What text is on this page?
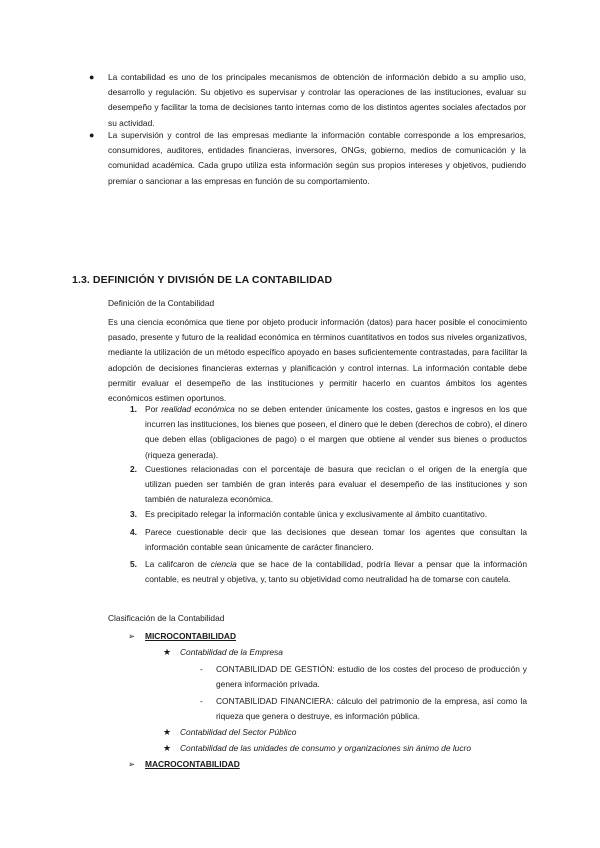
● La contabilidad es uno de los principales mecanismos de obtención de información debido a su amplio uso, desarrollo y regulación. Su objetivo es supervisar y controlar las operaciones de las instituciones, evaluar su desempeño y facilitar la toma de decisiones tanto internas como de los distintos agentes sociales afectados por su actividad.
● La supervisión y control de las empresas mediante la información contable corresponde a los empresarios, consumidores, auditores, entidades financieras, inversores, ONGs, gobierno, medios de comunicación y la comunidad académica. Cada grupo utiliza esta información según sus propios intereses y objetivos, pudiendo premiar o sancionar a las empresas en función de su comportamiento.
1.3. DEFINICIÓN Y DIVISIÓN DE LA CONTABILIDAD
Definición de la Contabilidad
Es una ciencia económica que tiene por objeto producir información (datos) para hacer posible el conocimiento pasado, presente y futuro de la realidad económica en términos cuantitativos en todos sus niveles organizativos, mediante la utilización de un método específico apoyado en bases suficientemente contrastadas, para facilitar la adopción de decisiones financieras externas y planificación y control internas. La información contable debe permitir evaluar el desempeño de las instituciones y permitir hacerlo en cuantos ámbitos los agentes económicos estimen oportunos.
1. Por realidad económica no se deben entender únicamente los costes, gastos e ingresos en los que incurren las instituciones, los bienes que poseen, el dinero que le deben (derechos de cobro), el dinero que deben ellas (obligaciones de pago) o el margen que obtiene al vender sus bienes o productos (riqueza generada).
2. Cuestiones relacionadas con el porcentaje de basura que reciclan o el origen de la energía que utilizan pueden ser también de gran interés para evaluar el desempeño de las instituciones y son también de naturaleza económica.
3. Es precipitado relegar la información contable única y exclusivamente al ámbito cuantitativo.
4. Parece cuestionable decir que las decisiones que desean tomar los agentes que consultan la información contable sean únicamente de carácter financiero.
5. La califcaron de ciencia que se hace de la contabilidad, podría llevar a pensar que la información contable, es neutral y objetiva, y, tanto su objetividad como neutralidad ha de tomarse con cautela.
Clasificación de la Contabilidad
➢ MICROCONTABILIDAD
★ Contabilidad de la Empresa
- CONTABILIDAD DE GESTIÓN: estudio de los costes del proceso de producción y genera información privada.
- CONTABILIDAD FINANCIERA: cálculo del patrimonio de la empresa, así como la riqueza que genera o destruye, es información pública.
★ Contabilidad del Sector Público
★ Contabilidad de las unidades de consumo y organizaciones sin ánimo de lucro
➢ MACROCONTABILIDAD
